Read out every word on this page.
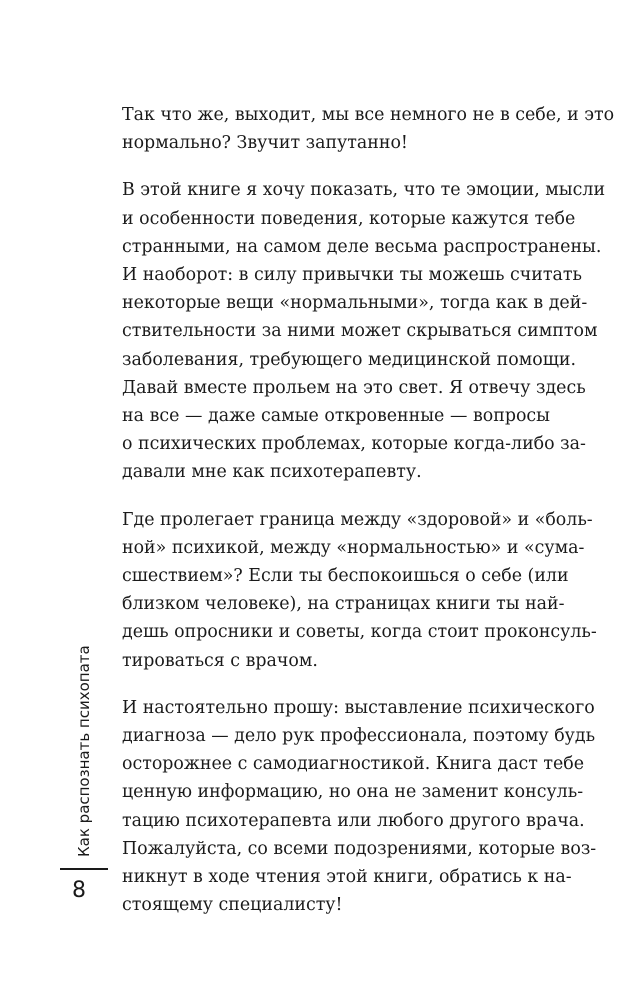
Так что же, выходит, мы все немного не в себе, и это
нормально? Звучит запутанно!

В этой книге я хочу показать, что те эмоции, мысли
и особенности поведения, которые кажутся тебе
странными, на самом деле весьма распространены.
И наоборот: в силу привычки ты можешь считать
некоторые вещи «нормальными», тогда как в дей-
ствительности за ними может скрываться симптом
заболевания, требующего медицинской помощи.
Давай вместе прольем на это свет. Я отвечу здесь
на все — даже самые откровенные — вопросы
о психических проблемах, которые когда-либо за-
давали мне как психотерапевту.

Где пролегает граница между «здоровой» и «боль-
ной» психикой, между «нормальностью» и «сума-
сшествием»? Если ты беспокоишься о себе (или
близком человеке), на страницах книги ты най-
дешь опросники и советы, когда стоит проконсуль-
тироваться с врачом.

И настоятельно прошу: выставление психического
диагноза — дело рук профессионала, поэтому будь
осторожнее с самодиагностикой. Книга даст тебе
ценную информацию, но она не заменит консуль-
тацию психотерапевта или любого другого врача.
Пожалуйста, со всеми подозрениями, которые воз-
никнут в ходе чтения этой книги, обратись к на-
стоящему специалисту!

Как распознать психопата
8
